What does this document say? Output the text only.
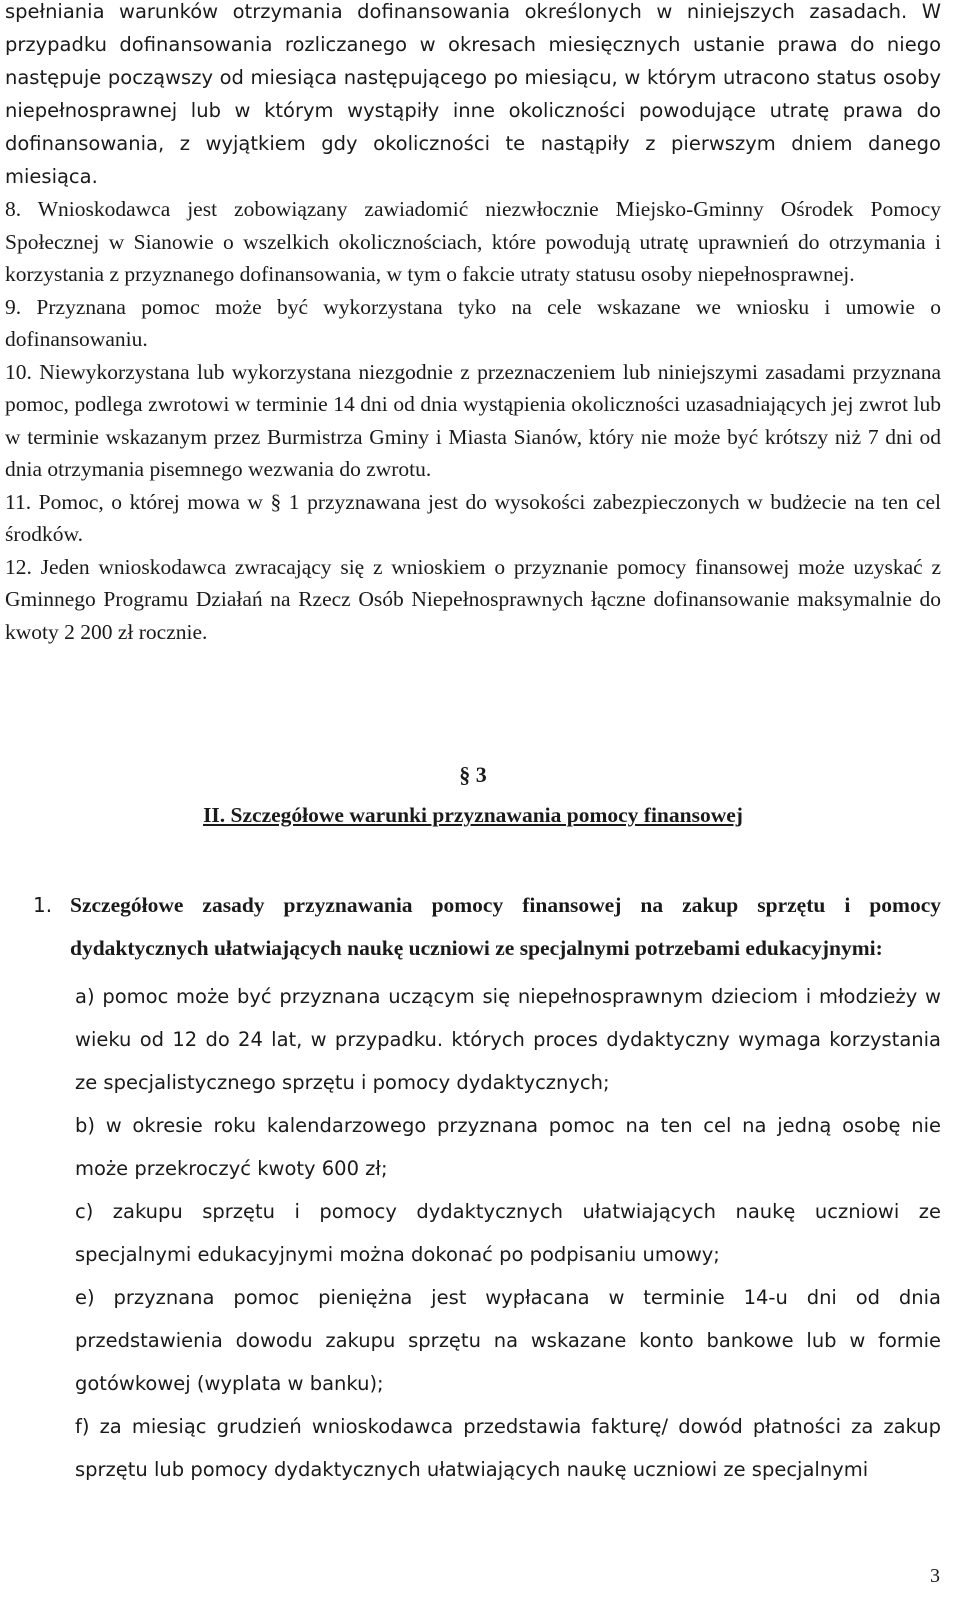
spełniania warunków otrzymania dofinansowania określonych w niniejszych zasadach. W przypadku dofinansowania rozliczanego w okresach miesięcznych ustanie prawa do niego następuje począwszy od miesiąca następującego po miesiącu, w którym utracono status osoby niepełnosprawnej lub w którym wystąpiły inne okoliczności powodujące utratę prawa do dofinansowania, z wyjątkiem gdy okoliczności te nastąpiły z pierwszym dniem danego miesiąca.

8. Wnioskodawca jest zobowiązany zawiadomić niezwłocznie Miejsko-Gminny Ośrodek Pomocy Społecznej w Sianowie o wszelkich okolicznościach, które powodują utratę uprawnień do otrzymania i korzystania z przyznanego dofinansowania, w tym o fakcie utraty statusu osoby niepełnosprawnej.

9. Przyznana pomoc może być wykorzystana tyko na cele wskazane we wniosku i umowie o dofinansowaniu.

10. Niewykorzystana lub wykorzystana niezgodnie z przeznaczeniem lub niniejszymi zasadami przyznana pomoc, podlega zwrotowi w terminie 14 dni od dnia wystąpienia okoliczności uzasadniających jej zwrot lub w terminie wskazanym przez Burmistrza Gminy i Miasta Sianów, który nie może być krótszy niż 7 dni od dnia otrzymania pisemnego wezwania do zwrotu.

11. Pomoc, o której mowa w § 1 przyznawana jest do wysokości zabezpieczonych w budżecie na ten cel środków.

12. Jeden wnioskodawca zwracający się z wnioskiem o przyznanie pomocy finansowej może uzyskać z Gminnego Programu Działań na Rzecz Osób Niepełnosprawnych łączne dofinansowanie maksymalnie do kwoty 2 200 zł rocznie.

§ 3
II. Szczegółowe warunki przyznawania pomocy finansowej
1. Szczegółowe zasady przyznawania pomocy finansowej na zakup sprzętu i pomocy dydaktycznych ułatwiających naukę uczniowi ze specjalnymi potrzebami edukacyjnymi:

a) pomoc może być przyznana uczącym się niepełnosprawnym dzieciom i młodzieży w wieku od 12 do 24 lat, w przypadku. których proces dydaktyczny wymaga korzystania ze specjalistycznego sprzętu i pomocy dydaktycznych;

b) w okresie roku kalendarzowego przyznana pomoc na ten cel na jedną osobę nie może przekroczyć kwoty 600 zł;

c) zakupu sprzętu i pomocy dydaktycznych ułatwiających naukę uczniowi ze specjalnymi edukacyjnymi można dokonać po podpisaniu umowy;

e) przyznana pomoc pieniężna jest wypłacana w terminie 14-u dni od dnia przedstawienia dowodu zakupu sprzętu na wskazane konto bankowe lub w formie gotówkowej (wyplata w banku);

f) za miesiąc grudzień wnioskodawca przedstawia fakturę/ dowód płatności za zakup sprzętu lub pomocy dydaktycznych ułatwiających naukę uczniowi ze specjalnymi

3
